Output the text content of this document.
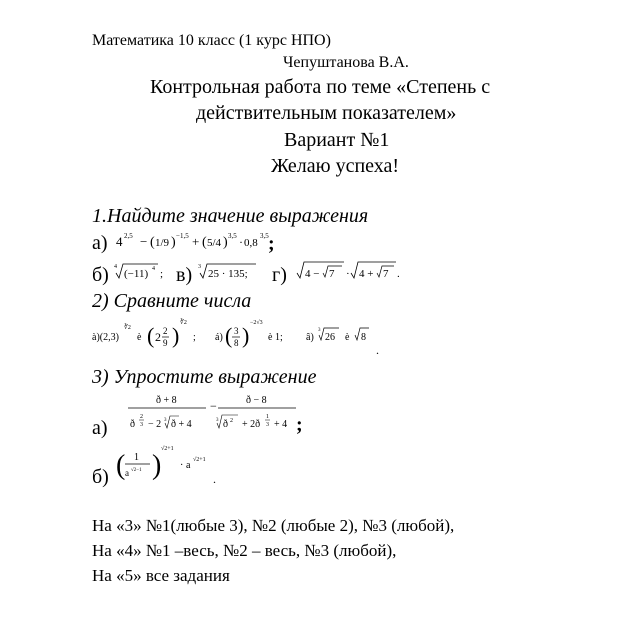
Математика 10 класс (1 курс НПО)
Чепуштанова В.А.
Контрольная работа по теме «Степень с
действительным показателем»
Вариант №1
Желаю успеха!
1.Найдите значение выражения
а) 4 2,5 − ( 1/9 ) −1,5 + ( 5/4 ) 3,5 · 0,8
3,5 ;
б) 4
(−11) 4 ; в) 3
25 · 135; г) 4 − 7 · 4 + 7 .
2) Сравните числа
à)(2,3)
∛2
è ( 2 2
9 ) ∛2
; á) ( 3
8 ) −2√3
è 1; â)
3
26 è 8
.
3) Упростите выражение
а)
ð + 8
2
3
ð − 2 3 ð + 4
−	ð − 8
3 ð 2 + 2ð
1
3 + 4 ;
б) ( 1
a √2−1 )
√2+1
· a √2+1
.
На «3» №1(любые 3), №2 (любые 2), №3 (любой),
На «4» №1 –весь, №2 – весь, №3 (любой),
На «5» все задания
